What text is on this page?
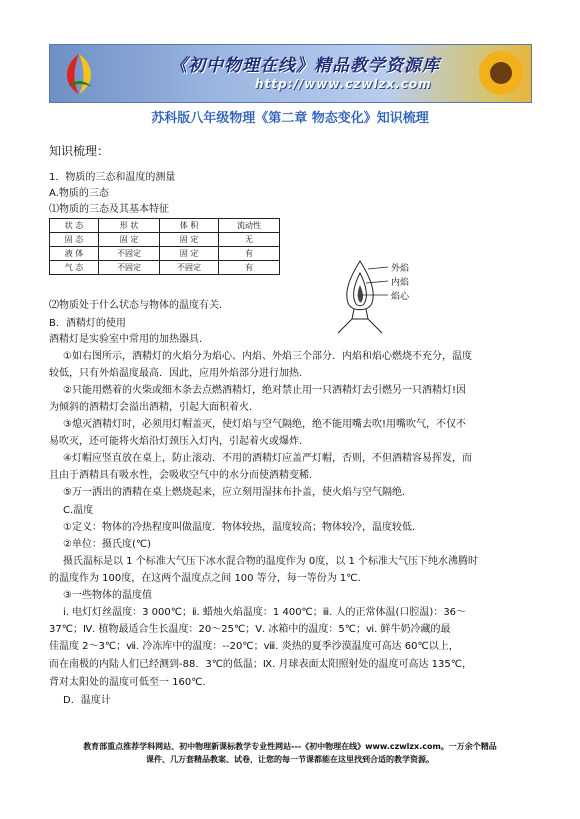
《初中物理在线》精品教学资源库
http://www.czwlzx.com
苏科版八年级物理《第二章 物态变化》知识梳理
知识梳理：
1．物质的三态和温度的测量
A.物质的三态
⑴物质的三态及其基本特征
状 态	形 状	体 积	流动性
固 态	固 定	固 定	无
液 体	不固定	固 定	有
气 态	不固定	不固定	有	外焰
内焰
焰心
⑵物质处于什么状态与物体的温度有关.
B．酒精灯的使用
酒精灯是实验室中常用的加热器具.
①如右图所示，酒精灯的火焰分为焰心、内焰、外焰三个部分．内焰和焰心燃烧不充分，温度
较低，只有外焰温度最高．因此，应用外焰部分进行加热.
②只能用燃着的火柴或细木条去点燃酒精灯，绝对禁止用一只酒精灯去引燃另一只酒精灯!因
为倾斜的酒精灯会溢出酒精，引起大面积着火.
③熄灭酒精灯时，必须用灯帽盖灭，使灯焰与空气隔绝，绝不能用嘴去吹!用嘴吹气，不仅不
易吹灭，还可能将火焰沿灯颈压入灯内，引起着火或爆炸.
④灯帽应竖直放在桌上，防止滚动．不用的酒精灯应盖严灯帽，否则，不但酒精容易挥发，而
且由于酒精具有吸水性，会吸收空气中的水分而使酒精变稀.
⑤万一洒出的酒精在桌上燃烧起来，应立刻用湿抹布扑盖，使火焰与空气隔绝.
C.温度
①定义：物体的冷热程度叫做温度．物体较热，温度较高；物体较冷，温度较低.
②单位：摄氏度(℃)
摄氏温标是以 1 个标准大气压下冰水混合物的温度作为 0度，以 1 个标准大气压下纯水沸腾时
的温度作为 100度，在这两个温度点之间 100 等分，每一等份为 1℃.
③一些物体的温度值
ⅰ. 电灯灯丝温度：3 000℃；ⅱ. 蜡烛火焰温度：1 400℃；ⅲ. 人的正常体温(口腔温)：36～
37℃；Ⅳ. 植物最适合生长温度：20～25℃；Ⅴ. 冰箱中的温度：5℃；ⅵ. 鲜牛奶冷藏的最
佳温度 2～3℃；ⅶ. 冷冻库中的温度：--20℃；ⅷ. 炎热的夏季沙漠温度可高达 60℃以上，
而在南极的内陆人们已经测到-88．3℃的低温；Ⅸ. 月球表面太阳照射处的温度可高达 135℃，
背对太阳处的温度可低至一 160℃.
D．温度计
教育部重点推荐学科网站、初中物理新课标教学专业性网站---《初中物理在线》www.czwlzx.com。一万余个精品
课件、几万套精品教案、试卷，让您的每一节课都能在这里找到合适的教学资源。
